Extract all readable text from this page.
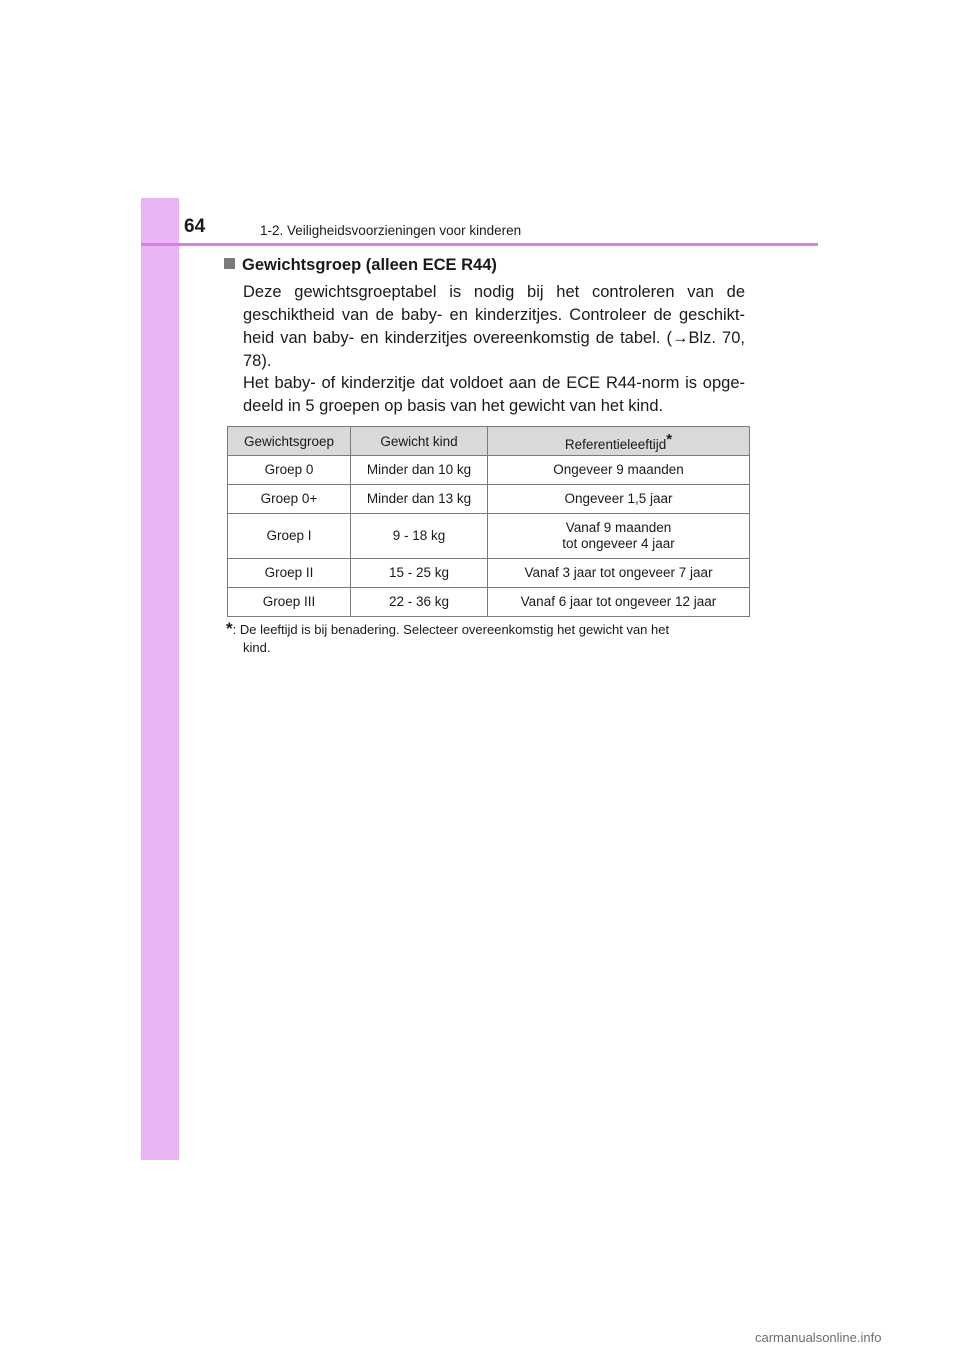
64	1-2. Veiligheidsvoorzieningen voor kinderen
Gewichtsgroep (alleen ECE R44)
Deze gewichtsgroeptabel is nodig bij het controleren van de geschiktheid van de baby- en kinderzitjes. Controleer de geschikt-heid van baby- en kinderzitjes overeenkomstig de tabel. (→Blz. 70, 78).
Het baby- of kinderzitje dat voldoet aan de ECE R44-norm is opge-deeld in 5 groepen op basis van het gewicht van het kind.
Gewichtsgroep	Gewicht kind	Referentieleeftijd*
Groep 0	Minder dan 10 kg	Ongeveer 9 maanden
Groep 0+	Minder dan 13 kg	Ongeveer 1,5 jaar
Groep I	9 - 18 kg	Vanaf 9 maanden
tot ongeveer 4 jaar
Groep II	15 - 25 kg	Vanaf 3 jaar tot ongeveer 7 jaar
Groep III	22 - 36 kg	Vanaf 6 jaar tot ongeveer 12 jaar
*: De leeftijd is bij benadering. Selecteer overeenkomstig het gewicht van het
kind.
carmanualsonline.info
